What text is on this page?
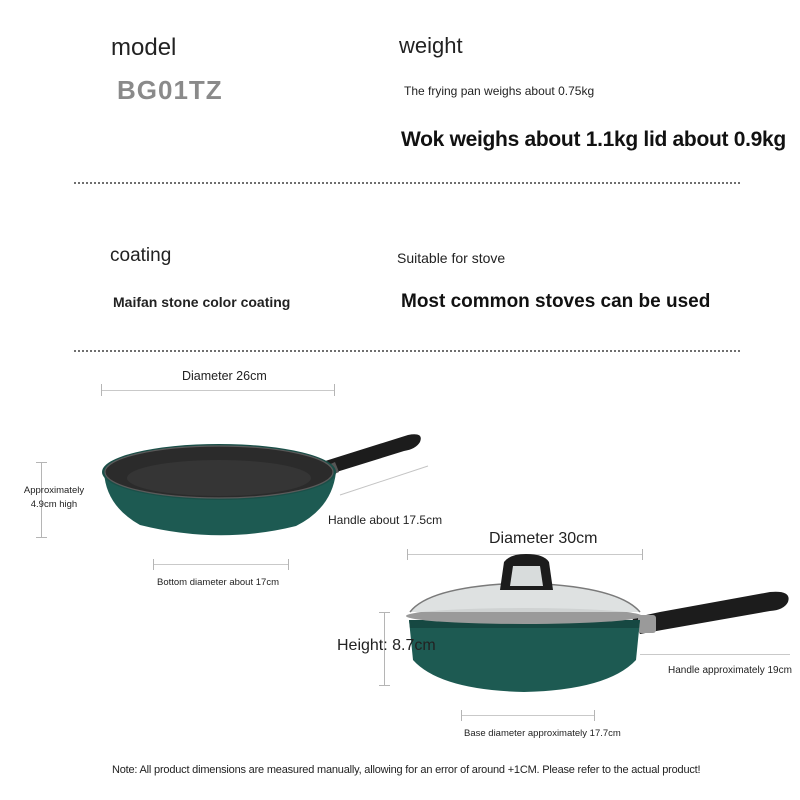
model
BG01TZ
weight
The frying pan weighs about 0.75kg
Wok weighs about 1.1kg lid about 0.9kg
coating
Maifan stone color coating
Suitable for stove
Most common stoves can be used
Diameter 26cm
Approximately
4.9cm high
Handle about 17.5cm
Bottom diameter about 17cm
Diameter 30cm
Height: 8.7cm
Handle approximately 19cm
Base diameter approximately 17.7cm
Note: All product dimensions are measured manually, allowing for an error of around +1CM. Please refer to the actual product!
